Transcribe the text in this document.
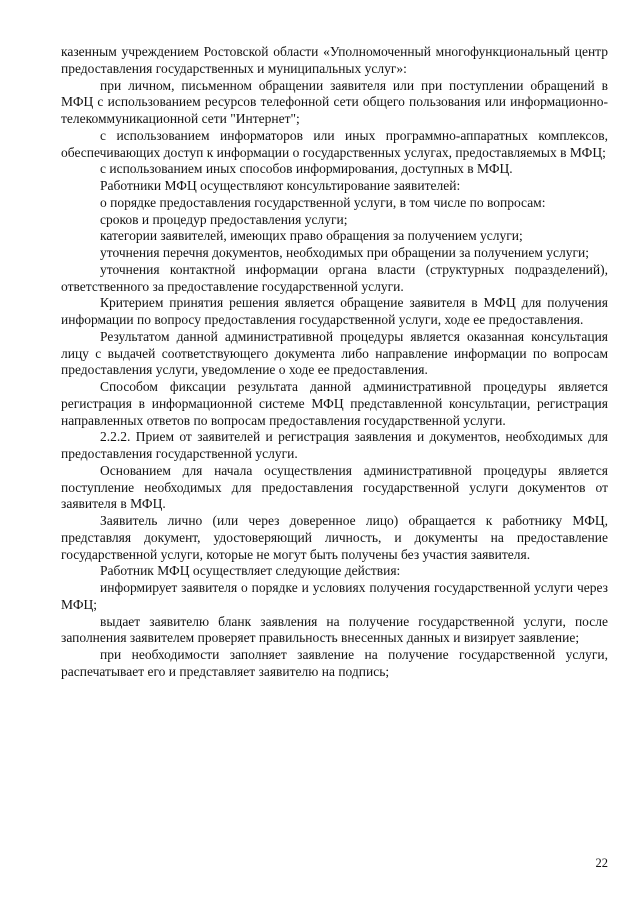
казенным учреждением Ростовской области «Уполномоченный многофункциональный центр предоставления государственных и муниципальных услуг»:

при личном, письменном обращении заявителя или при поступлении обращений в МФЦ с использованием ресурсов телефонной сети общего пользования или информационно-телекоммуникационной сети "Интернет";

с использованием информаторов или иных программно-аппаратных комплексов, обеспечивающих доступ к информации о государственных услугах, предоставляемых в МФЦ;

с использованием иных способов информирования, доступных в МФЦ.

Работники МФЦ осуществляют консультирование заявителей:

о порядке предоставления государственной услуги, в том числе по вопросам:

сроков и процедур предоставления услуги;

категории заявителей, имеющих право обращения за получением услуги;

уточнения перечня документов, необходимых при обращении за получением услуги;

уточнения контактной информации органа власти (структурных подразделений), ответственного за предоставление государственной услуги.

Критерием принятия решения является обращение заявителя в МФЦ для получения информации по вопросу предоставления государственной услуги, ходе ее предоставления.

Результатом данной административной процедуры является оказанная консультация лицу с выдачей соответствующего документа либо направление информации по вопросам предоставления услуги, уведомление о ходе ее предоставления.

Способом фиксации результата данной административной процедуры является регистрация в информационной системе МФЦ представленной консультации, регистрация направленных ответов по вопросам предоставления государственной услуги.

2.2.2. Прием от заявителей и регистрация заявления и документов, необходимых для предоставления государственной услуги.

Основанием для начала осуществления административной процедуры является поступление необходимых для предоставления государственной услуги документов от заявителя в МФЦ.

Заявитель лично (или через доверенное лицо) обращается к работнику МФЦ, представляя документ, удостоверяющий личность, и документы на предоставление государственной услуги, которые не могут быть получены без участия заявителя.

Работник МФЦ осуществляет следующие действия:

информирует заявителя о порядке и условиях получения государственной услуги через МФЦ;

выдает заявителю бланк заявления на получение государственной услуги, после заполнения заявителем проверяет правильность внесенных данных и визирует заявление;

при необходимости заполняет заявление на получение государственной услуги, распечатывает его и представляет заявителю на подпись;

22
